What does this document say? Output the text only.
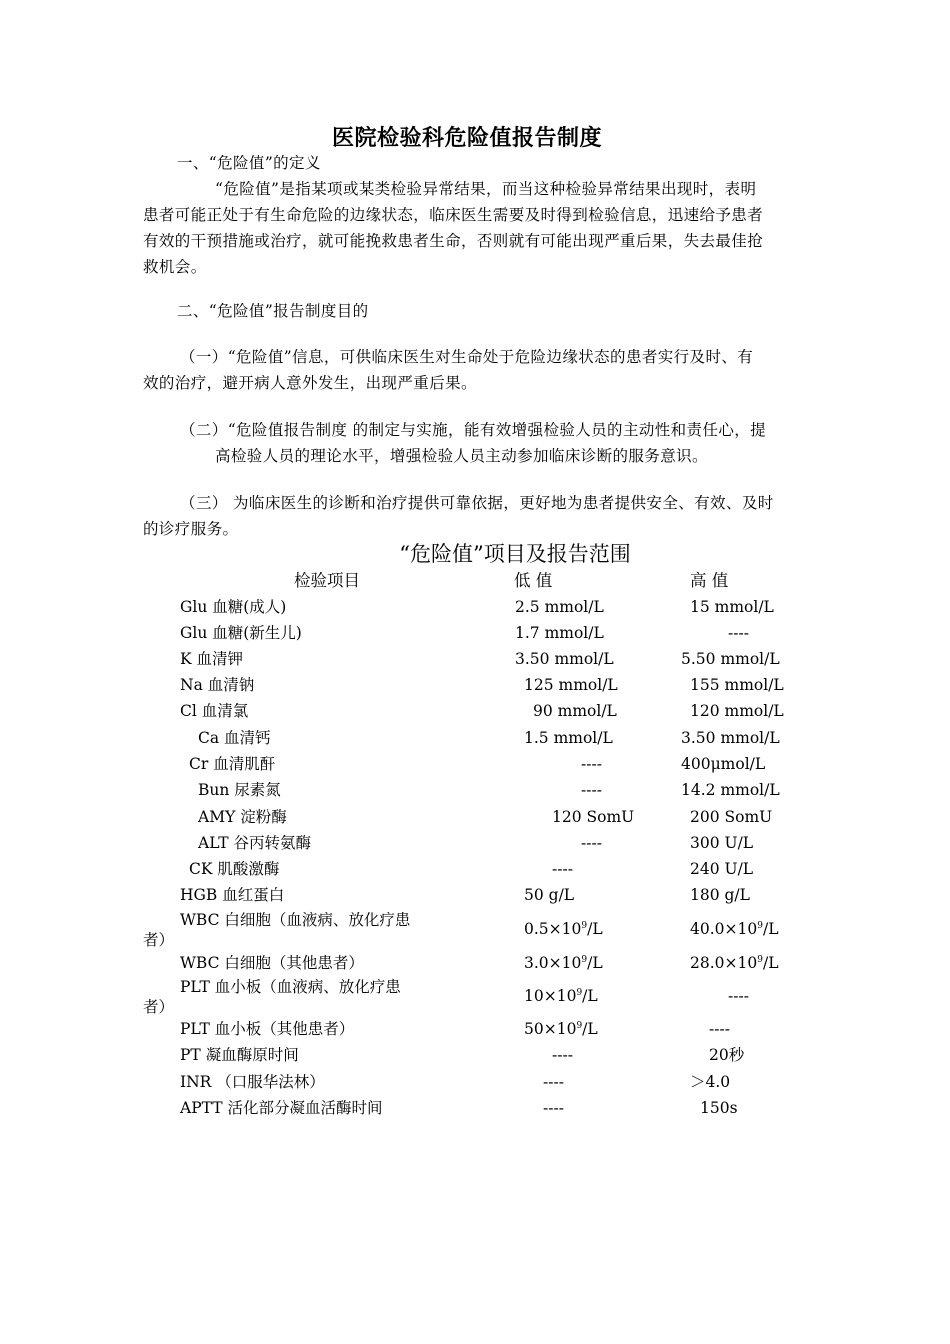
医院检验科危险值报告制度
一、“危险值”的定义
“危险值”是指某项或某类检验异常结果，而当这种检验异常结果出现时，表明
患者可能正处于有生命危险的边缘状态，临床医生需要及时得到检验信息，迅速给予患者
有效的干预措施或治疗，就可能挽救患者生命，否则就有可能出现严重后果，失去最佳抢
救机会。
二、“危险值”报告制度目的
（一）“危险值”信息，可供临床医生对生命处于危险边缘状态的患者实行及时、有
效的治疗，避开病人意外发生，出现严重后果。
（二）“危险值报告制度 的制定与实施，能有效增强检验人员的主动性和责任心，提
高检验人员的理论水平，增强检验人员主动参加临床诊断的服务意识。
（三） 为临床医生的诊断和治疗提供可靠依据，更好地为患者提供安全、有效、及时
的诊疗服务。
“危险值”项目及报告范围
检验项目	低 值	高 值
Glu 血糖(成人)	2.5 mmol/L	15 mmol/L
Glu 血糖(新生儿)	1.7 mmol/L	----
K 血清钾	3.50 mmol/L	5.50 mmol/L
Na 血清钠	125 mmol/L	155 mmol/L
Cl 血清氯	90 mmol/L	120 mmol/L
Ca 血清钙	1.5 mmol/L	3.50 mmol/L
Cr 血清肌酐	----	400μmol/L
Bun 尿素氮	----	14.2 mmol/L
AMY 淀粉酶	120 SomU	200 SomU
ALT 谷丙转氨酶	----	300 U/L
CK 肌酸激酶	----	240 U/L
HGB 血红蛋白	50 g/L	180 g/L
WBC 白细胞（血液病、放化疗患
者）
$0.5\times 10^9/L$	$40.0\times 10^9/L$
WBC 白细胞（其他患者）	$3.0\times 10^9/L$	$28.0\times 10^9/L$
PLT 血小板（血液病、放化疗患
者）
$10\times 10^9/L$	----
PLT 血小板（其他患者）	$50\times 10^9/L$	----
PT 凝血酶原时间	----	20秒
INR （口服华法林）	----	＞4.0
APTT 活化部分凝血活酶时间	----	150s
